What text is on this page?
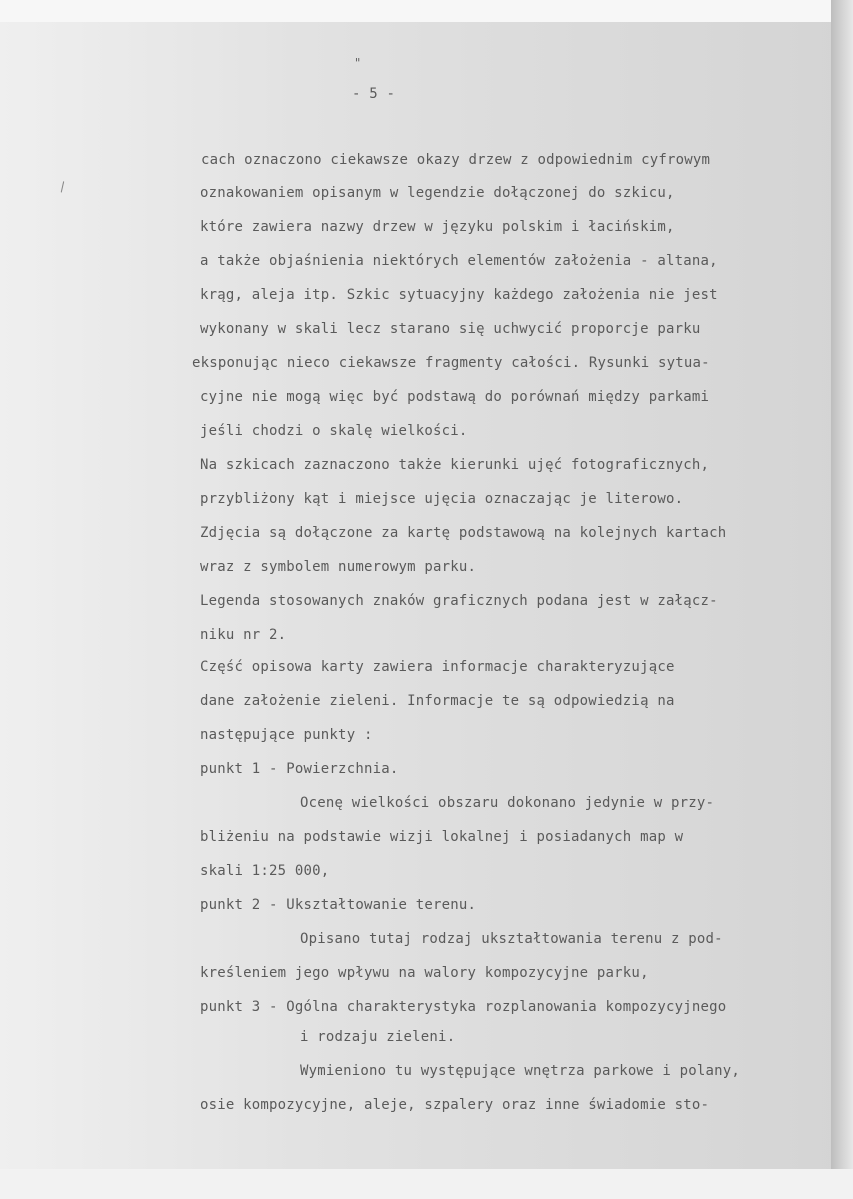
"
- 5 -
\
cach oznaczono ciekawsze okazy drzew z odpowiednim cyfrowym
oznakowaniem opisanym w legendzie dołączonej do szkicu,
które zawiera nazwy drzew w języku polskim i łacińskim,
a także objaśnienia niektórych elementów założenia - altana,
krąg, aleja itp. Szkic sytuacyjny każdego założenia nie jest
wykonany w skali lecz starano się uchwycić proporcje parku
eksponując nieco ciekawsze fragmenty całości. Rysunki sytua-
cyjne nie mogą więc być podstawą do porównań między parkami
jeśli chodzi o skalę wielkości.
Na szkicach zaznaczono także kierunki ujęć fotograficznych,
przybliżony kąt i miejsce ujęcia oznaczając je literowo.
Zdjęcia są dołączone za kartę podstawową na kolejnych kartach
wraz z symbolem numerowym parku.
Legenda stosowanych znaków graficznych podana jest w załącz-
niku nr 2.
Część opisowa karty zawiera informacje charakteryzujące
dane założenie zieleni. Informacje te są odpowiedzią na
następujące punkty :
punkt 1 - Powierzchnia.
Ocenę wielkości obszaru dokonano jedynie w przy-
bliżeniu na podstawie wizji lokalnej i posiadanych map w
skali 1:25 000,
punkt 2 - Ukształtowanie terenu.
Opisano tutaj rodzaj ukształtowania terenu z pod-
kreśleniem jego wpływu na walory kompozycyjne parku,
punkt 3 - Ogólna charakterystyka rozplanowania kompozycyjnego
i rodzaju zieleni.
Wymieniono tu występujące wnętrza parkowe i polany,
osie kompozycyjne, aleje, szpalery oraz inne świadomie sto-
